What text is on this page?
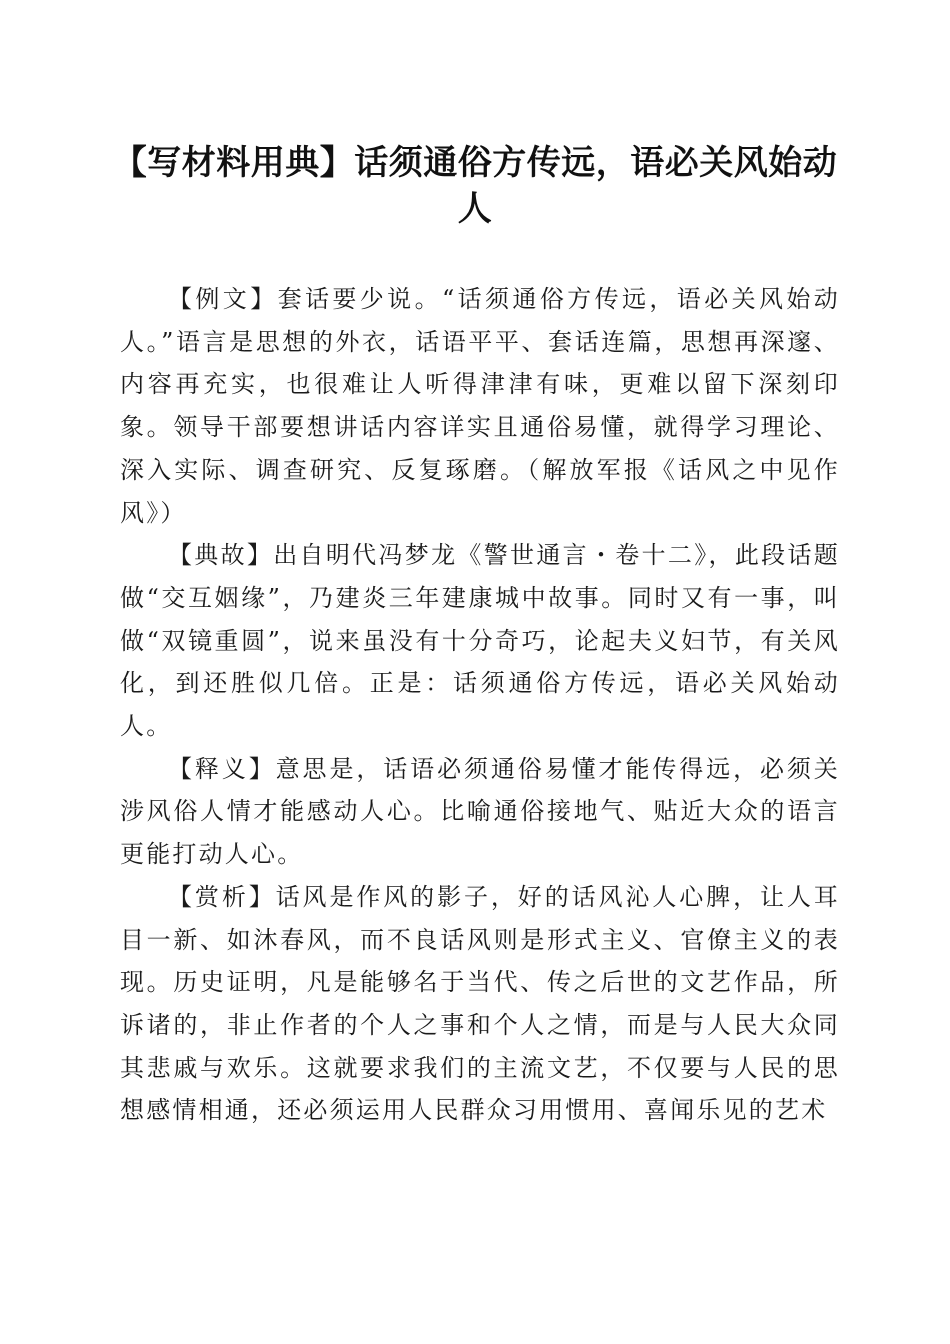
【写材料用典】话须通俗方传远，语必关风始动人

【例文】套话要少说。“话须通俗方传远，语必关风始动人。”语言是思想的外衣，话语平平、套话连篇，思想再深邃、内容再充实，也很难让人听得津津有味，更难以留下深刻印象。领导干部要想讲话内容详实且通俗易懂，就得学习理论、深入实际、调查研究、反复琢磨。（解放军报《话风之中见作风》）

【典故】出自明代冯梦龙《警世通言・卷十二》，此段话题做“交互姻缘”，乃建炎三年建康城中故事。同时又有一事，叫做“双镜重圆”，说来虽没有十分奇巧，论起夫义妇节，有关风化，到还胜似几倍。正是：话须通俗方传远，语必关风始动人。

【释义】意思是，话语必须通俗易懂才能传得远，必须关涉风俗人情才能感动人心。比喻通俗接地气、贴近大众的语言更能打动人心。

【赏析】话风是作风的影子，好的话风沁人心脾，让人耳目一新、如沐春风，而不良话风则是形式主义、官僚主义的表现。历史证明，凡是能够名于当代、传之后世的文艺作品，所诉诸的，非止作者的个人之事和个人之情，而是与人民大众同其悲戚与欢乐。这就要求我们的主流文艺，不仅要与人民的思想感情相通，还必须运用人民群众习用惯用、喜闻乐见的艺术
